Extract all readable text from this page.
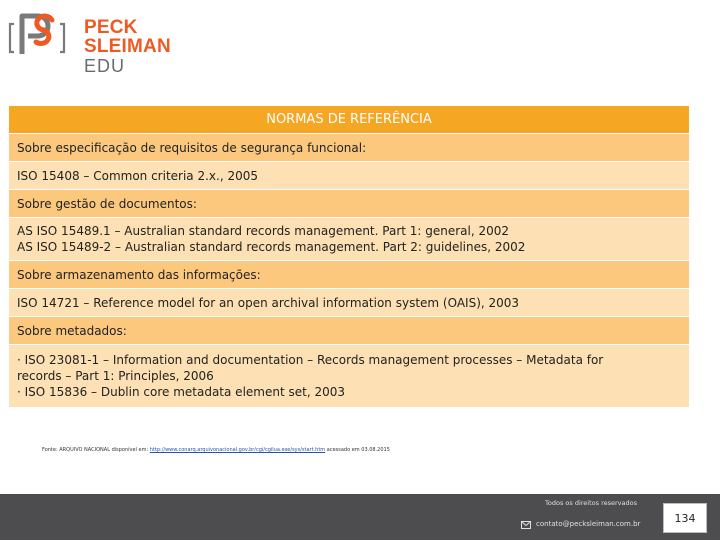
PECK SLEIMAN
EDU
NORMAS DE REFERÊNCIA

Sobre especificação de requisitos de segurança funcional:

ISO 15408 – Common criteria 2.x., 2005

Sobre gestão de documentos:

AS ISO 15489.1 – Australian standard records management. Part 1: general, 2002
AS ISO 15489-2 – Australian standard records management. Part 2: guidelines, 2002

Sobre armazenamento das informações:

ISO 14721 – Reference model for an open archival information system (OAIS), 2003

Sobre metadados:

· ISO 23081-1 – Information and documentation – Records management processes – Metadata for
records – Part 1: Principles, 2006
· ISO 15836 – Dublin core metadata element set, 2003
Fonte: ARQUIVO NACIONAL disponível em: http://www.conarq.arquivonacional.gov.br/cgi/cgilua.exe/sys/start.htm acessado em 03.08.2015
Todos os direitos reservados
contato@pecksleiman.com.br	134
